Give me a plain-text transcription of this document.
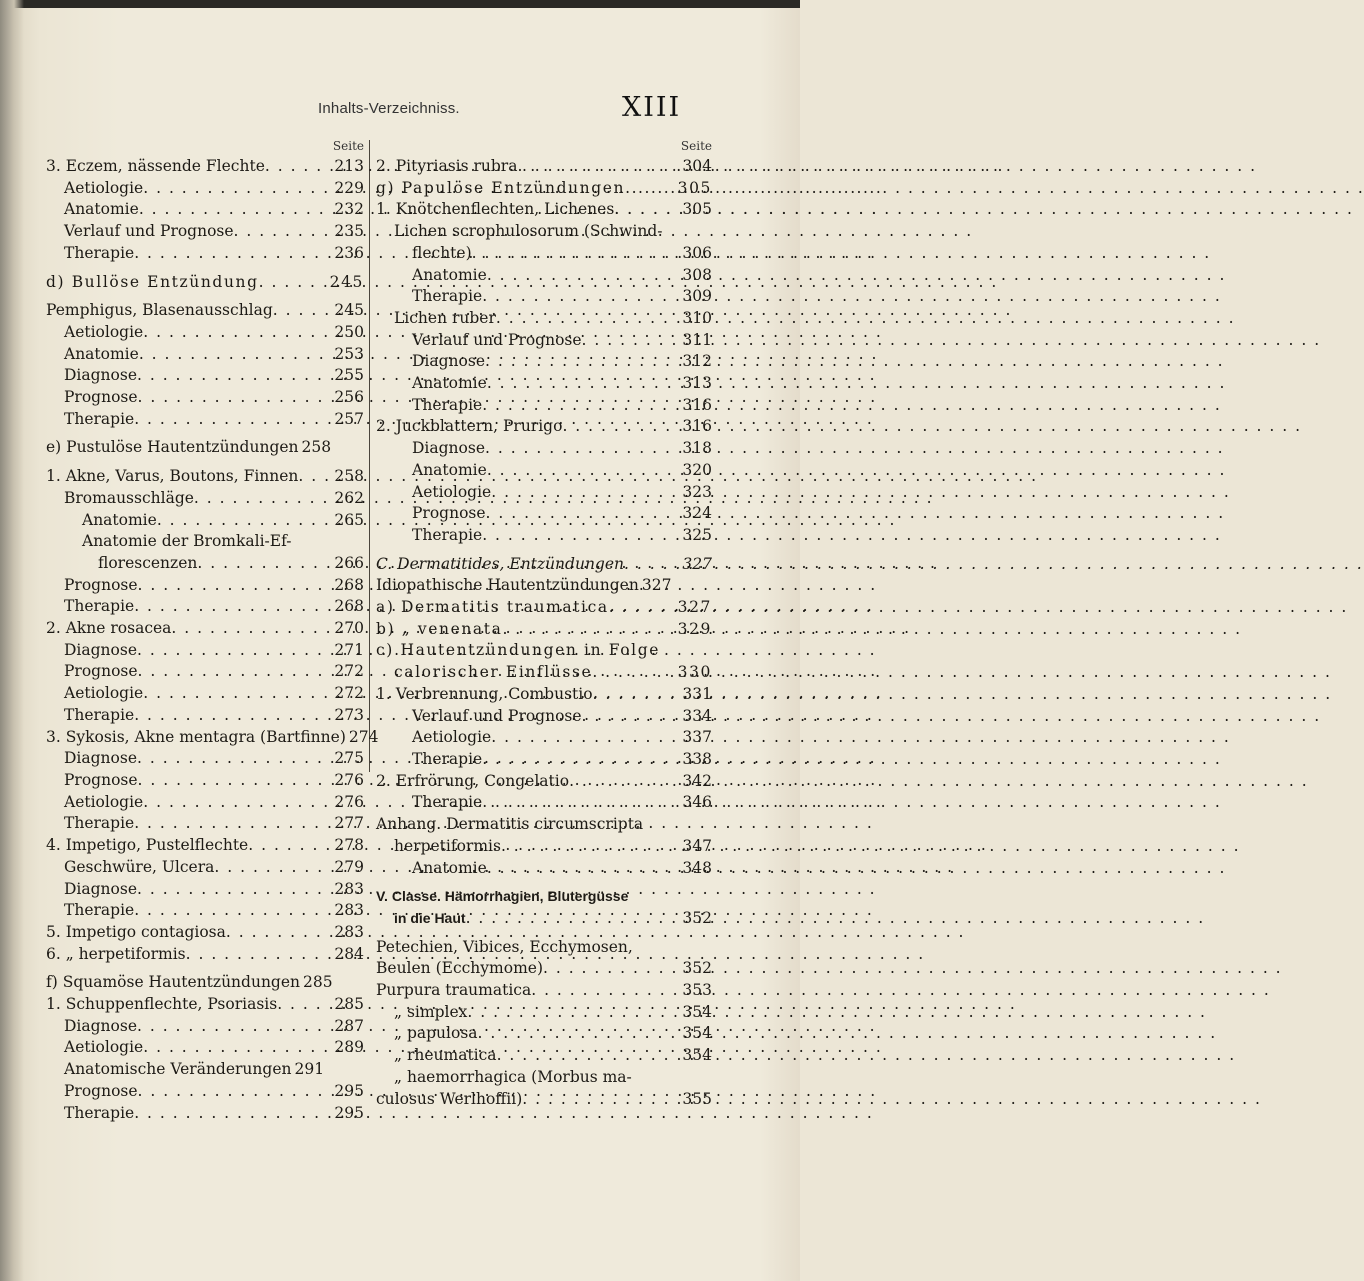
Inhalts-Verzeichniss.	XIII
Seite
3. Eczem, nässende Flechte . . .	213
Aetiologie . . .	229
Anatomie . . .	232
Verlauf und Prognose . . .	235
Therapie . . .	236
d) Bullöse Entzündung . . .	245
Pemphigus, Blasenausschlag . . .	245
Aetiologie . . .	250
Anatomie . . .	253
Diagnose . . .	255
Prognose . . .	256
Therapie . . .	257
e) Pustulöse Hautentzündungen 258
1. Akne, Varus, Boutons, Finnen . . . 258
Bromausschläge . . .	262
Anatomie . . .	265
Anatomie der Bromkali-Ef-
florescenzen . . .	266
Prognose . . .	268
Therapie . . .	268
2. Akne rosacea . . .	270
Diagnose . . .	271
Prognose . . .	272
Aetiologie . . .	272
Therapie . . .	273
3. Sykosis, Akne mentagra (Bartfinne) 274
Diagnose . . .	275
Prognose . . .	276
Aetiologie . . .	276
Therapie . . .	277
4. Impetigo, Pustelflechte . . .	278
Geschwüre, Ulcera . . .	279
Diagnose . . .	283
Therapie . . .	283
5. Impetigo contagiosa . . .	283
6. „ herpetiformis . . .	284
f) Squamöse Hautentzündungen 285
1. Schuppenflechte, Psoriasis . . .	285
Diagnose . . .	287
Aetiologie . . .	289
Anatomische Veränderungen 291
Prognose . . .	295
Therapie . . .	295
Seite
2. Pityriasis rubra . . .	304
g) Papulöse Entzündungen . . .	305
1. Knötchenflechten, Lichenes . . .	305
Lichen scrophulosorum (Schwind-
flechte) . . .	306
Anatomie . . .	308
Therapie . . .	309
Lichen ruber . . .	310
Verlauf und Prognose . . .	311
Diagnose . . .	312
Anatomie . . .	313
Therapie . . .	316
2. Juckblattern, Prurigo . . .	316
Diagnose . . .	318
Anatomie . . .	320
Aetiologie . . .	323
Prognose . . .	324
Therapie . . .	325
C. Dermatitides, Entzündungen . . .	327
Idiopathische Hautentzündungen 327
a) Dermatitis traumatica . . .	327
b) „ venenata . . .	329
c) Hautentzündungen in Folge
calorischer Einflüsse . . .	330
1. Verbrennung, Combustio . . .	331
Verlauf und Prognose . . .	334
Aetiologie . . .	337
Therapie . . .	338
2. Erfrörung, Congelatio . . .	342
Therapie . . .	346
Anhang. Dermatitis circumscripta
herpetiformis . . .	347
Anatomie . . .	348
V. Classe. Hämorrhagien, Blutergüsse
in die Haut . . .	352
Petechien, Vibices, Ecchymosen,
Beulen (Ecchymome) . . .	352
Purpura traumatica . . .	353
„ simplex . . .	354
„ papulosa . . .	354
„ rheumatica . . .	354
„ haemorrhagica (Morbus ma-
culosus Werlhoffii) . . .	355
